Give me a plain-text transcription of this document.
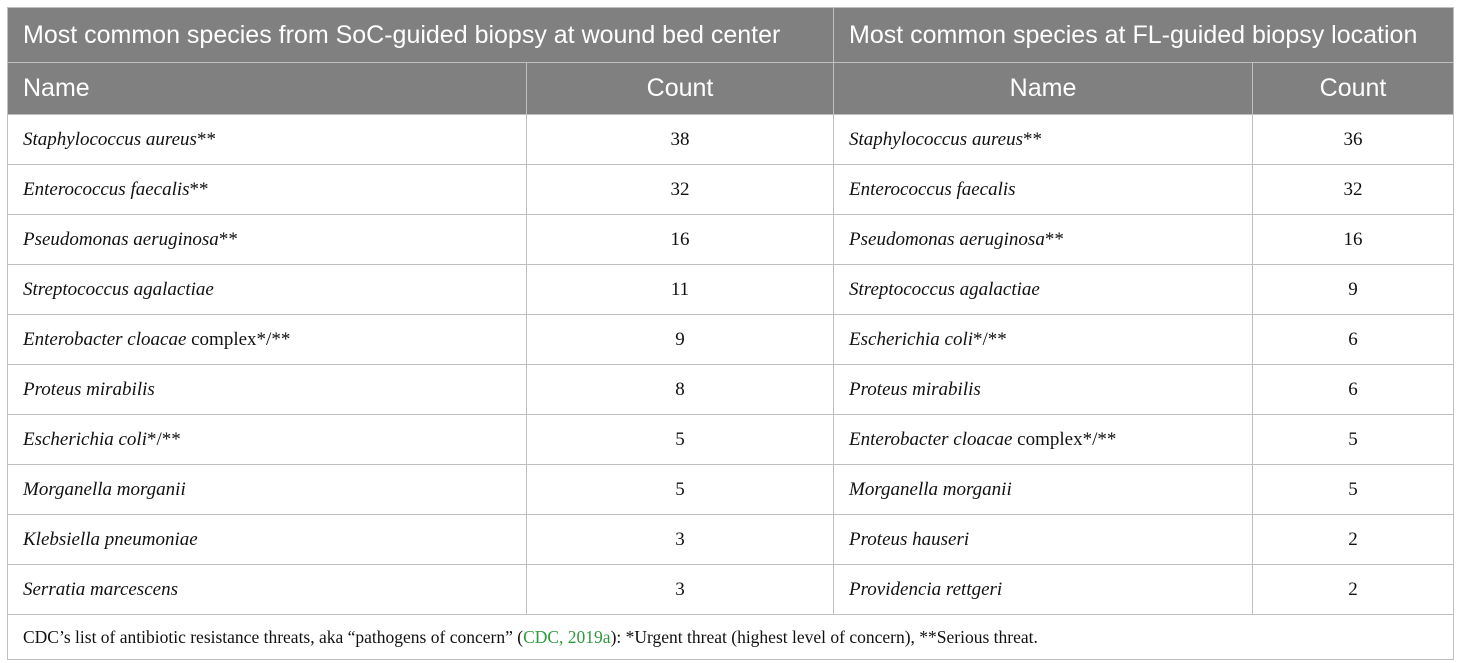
Most common species from SoC-guided biopsy at wound bed center		Most common species at FL-guided biopsy location	
Name	Count	Name	Count
Staphylococcus aureus**	38	Staphylococcus aureus**	36
Enterococcus faecalis**	32	Enterococcus faecalis	32
Pseudomonas aeruginosa**	16	Pseudomonas aeruginosa**	16
Streptococcus agalactiae	11	Streptococcus agalactiae	9
Enterobacter cloacae complex*/**	9	Escherichia coli*/**	6
Proteus mirabilis	8	Proteus mirabilis	6
Escherichia coli*/**	5	Enterobacter cloacae complex*/**	5
Morganella morganii	5	Morganella morganii	5
Klebsiella pneumoniae	3	Proteus hauseri	2
Serratia marcescens	3	Providencia rettgeri	2
CDC’s list of antibiotic resistance threats, aka “pathogens of concern” (CDC, 2019a): *Urgent threat (highest level of concern), **Serious threat.			
